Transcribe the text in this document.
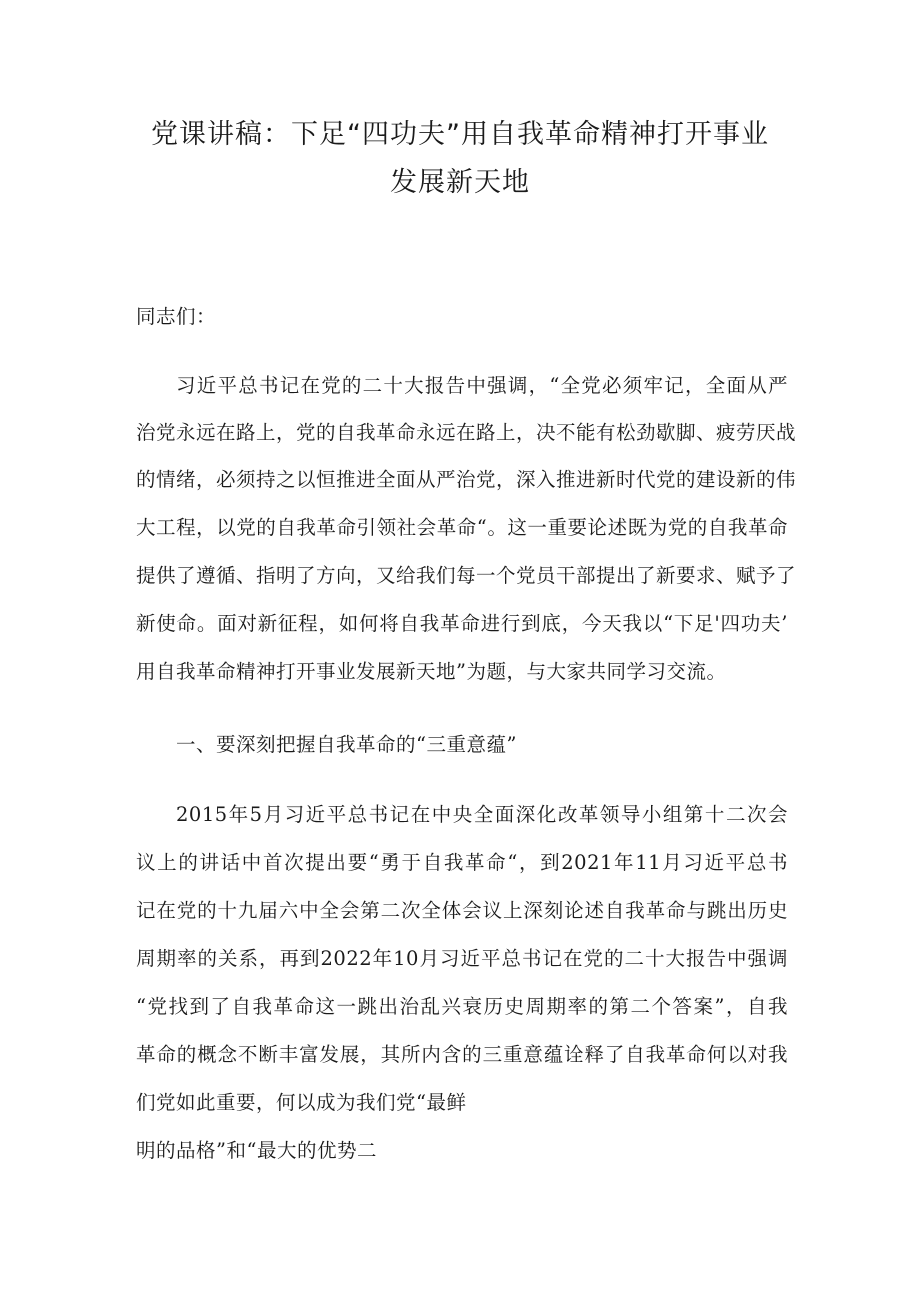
党课讲稿：下足“四功夫”用自我革命精神打开事业
发展新天地
同志们：
习近平总书记在党的二十大报告中强调，“全党必须牢记，全面从严
治党永远在路上，党的自我革命永远在路上，决不能有松劲歇脚、疲劳厌战
的情绪，必须持之以恒推进全面从严治党，深入推进新时代党的建设新的伟
大工程，以党的自我革命引领社会革命“。这一重要论述既为党的自我革命
提供了遵循、指明了方向，又给我们每一个党员干部提出了新要求、赋予了
新使命。面对新征程，如何将自我革命进行到底，今天我以“下足'四功夫’
用自我革命精神打开事业发展新天地”为题，与大家共同学习交流。
一、要深刻把握自我革命的“三重意蕴”
2015年5月习近平总书记在中央全面深化改革领导小组第十二次会
议上的讲话中首次提出要“勇于自我革命“，到2021年11月习近平总书
记在党的十九届六中全会第二次全体会议上深刻论述自我革命与跳出历史
周期率的关系，再到2022年10月习近平总书记在党的二十大报告中强调
“党找到了自我革命这一跳出治乱兴衰历史周期率的第二个答案”，自我
革命的概念不断丰富发展，其所内含的三重意蕴诠释了自我革命何以对我
们党如此重要，何以成为我们党“最鲜
明的品格”和“最大的优势二
